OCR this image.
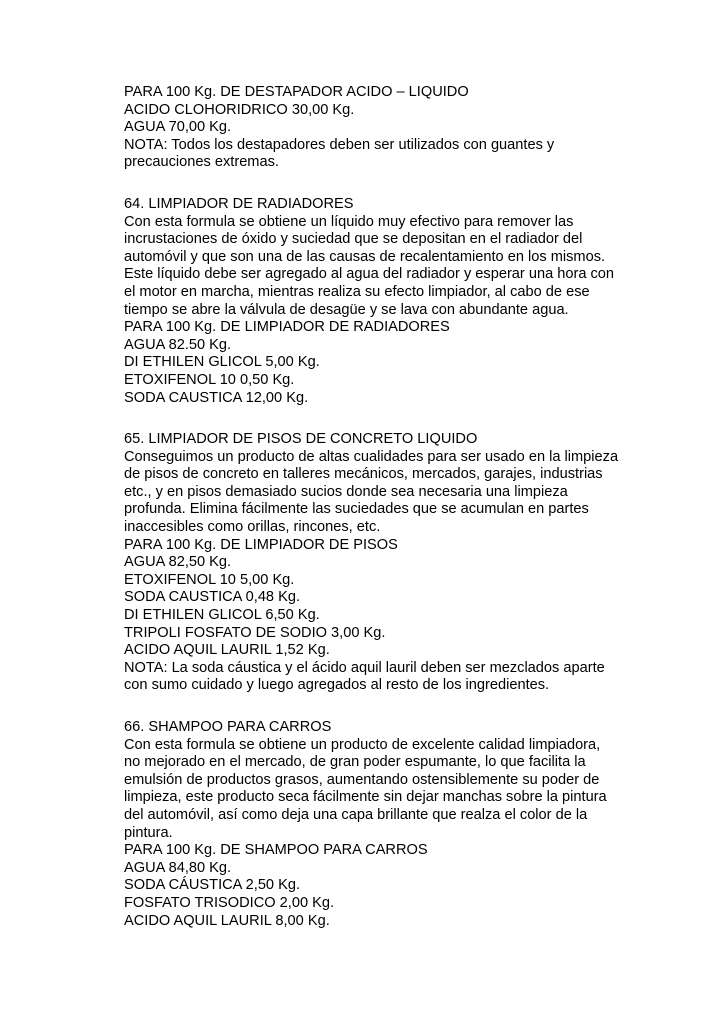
PARA 100 Kg. DE DESTAPADOR ACIDO – LIQUIDO
ACIDO CLOHORIDRICO 30,00 Kg.
AGUA 70,00 Kg.
NOTA: Todos los destapadores deben ser utilizados con guantes y
precauciones extremas.
64. LIMPIADOR DE RADIADORES
Con esta formula se obtiene un líquido muy efectivo para remover las
incrustaciones de óxido y suciedad que se depositan en el radiador del
automóvil y que son una de las causas de recalentamiento en los mismos.
Este líquido debe ser agregado al agua del radiador y esperar una hora con
el motor en marcha, mientras realiza su efecto limpiador, al cabo de ese
tiempo se abre la válvula de desagüe y se lava con abundante agua.
PARA 100 Kg. DE LIMPIADOR DE RADIADORES
AGUA 82.50 Kg.
DI ETHILEN GLICOL 5,00 Kg.
ETOXIFENOL 10 0,50 Kg.
SODA CAUSTICA 12,00 Kg.
65. LIMPIADOR DE PISOS DE CONCRETO LIQUIDO
Conseguimos un producto de altas cualidades para ser usado en la limpieza
de pisos de concreto en talleres mecánicos, mercados, garajes, industrias
etc., y en pisos demasiado sucios donde sea necesaria una limpieza
profunda. Elimina fácilmente las suciedades que se acumulan en partes
inaccesibles como orillas, rincones, etc.
PARA 100 Kg. DE LIMPIADOR DE PISOS
AGUA 82,50 Kg.
ETOXIFENOL 10 5,00 Kg.
SODA CAUSTICA 0,48 Kg.
DI ETHILEN GLICOL 6,50 Kg.
TRIPOLI FOSFATO DE SODIO 3,00 Kg.
ACIDO AQUIL LAURIL 1,52 Kg.
NOTA: La soda cáustica y el ácido aquil lauril deben ser mezclados aparte
con sumo cuidado y luego agregados al resto de los ingredientes.
66. SHAMPOO PARA CARROS
Con esta formula se obtiene un producto de excelente calidad limpiadora,
no mejorado en el mercado, de gran poder espumante, lo que facilita la
emulsión de productos grasos, aumentando ostensiblemente su poder de
limpieza, este producto seca fácilmente sin dejar manchas sobre la pintura
del automóvil, así como deja una capa brillante que realza el color de la
pintura.
PARA 100 Kg. DE SHAMPOO PARA CARROS
AGUA 84,80 Kg.
SODA CÁUSTICA 2,50 Kg.
FOSFATO TRISODICO 2,00 Kg.
ACIDO AQUIL LAURIL 8,00 Kg.
